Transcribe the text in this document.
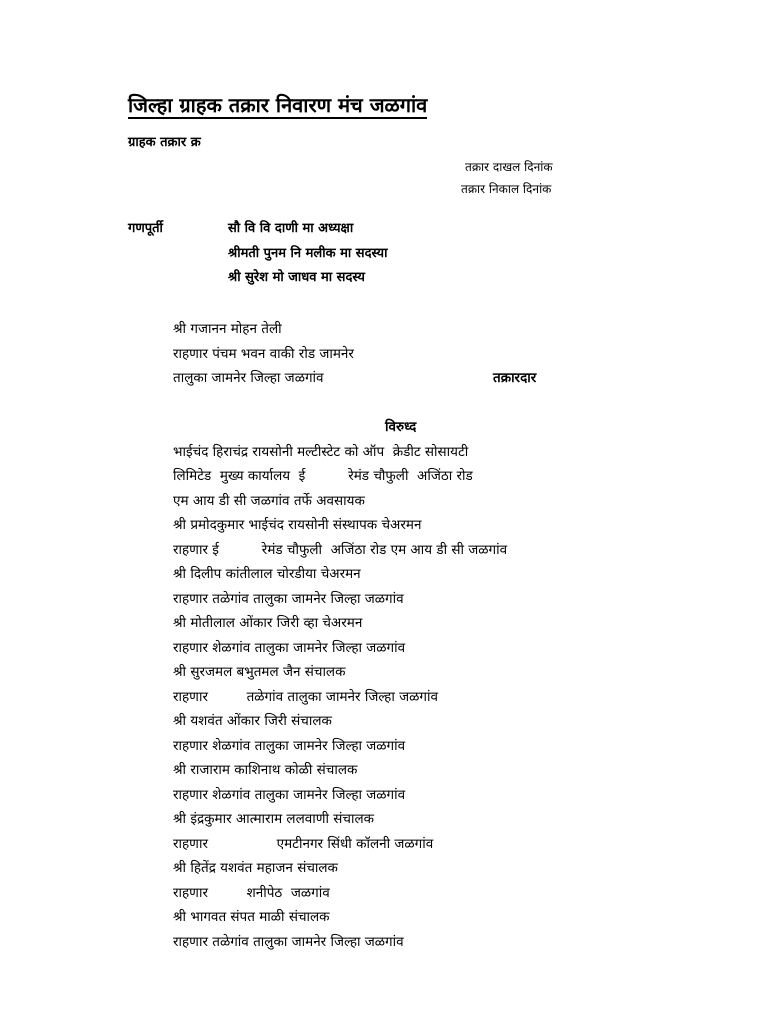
जिल्हा ग्राहक तक्रार निवारण मंच जळगांव
ग्राहक तक्रार क्र
तक्रार दाखल दिनांक
तक्रार निकाल दिनांक
गणपूर्ती	सौ वि वि दाणी मा अध्यक्षा
श्रीमती पुनम नि मलीक मा सदस्या
श्री सुरेश मो जाधव मा सदस्य
श्री गजानन मोहन तेली
राहणार पंचम भवन वाकी रोड जामनेर
तालुका जामनेर जिल्हा जळगांव	तक्रारदार
विरुध्द
भाईचंद हिराचंद्र रायसोनी मल्टीस्टेट को ऑप  क्रेडीट सोसायटी
लिमिटेड  मुख्य कार्यालय  ई          रेमंड चौफुली  अजिंठा रोड
एम आय डी सी जळगांव तर्फे अवसायक
श्री प्रमोदकुमार भाईचंद रायसोनी संस्थापक चेअरमन
राहणार ई          रेमंड चौफुली  अजिंठा रोड एम आय डी सी जळगांव
श्री दिलीप कांतीलाल चोरडीया चेअरमन
राहणार तळेगांव तालुका जामनेर जिल्हा जळगांव
श्री मोतीलाल ओंकार जिरी व्हा चेअरमन
राहणार शेळगांव तालुका जामनेर जिल्हा जळगांव
श्री सुरजमल बभुतमल जैन संचालक
राहणार         तळेगांव तालुका जामनेर जिल्हा जळगांव
श्री यशवंत ओंकार जिरी संचालक
राहणार शेळगांव तालुका जामनेर जिल्हा जळगांव
श्री राजाराम काशिनाथ कोळी संचालक
राहणार शेळगांव तालुका जामनेर जिल्हा जळगांव
श्री इंद्रकुमार आत्माराम ललवाणी संचालक
राहणार                एमटीनगर सिंधी कॉलनी जळगांव
श्री हितेंद्र यशवंत महाजन संचालक
राहणार         शनीपेठ  जळगांव
श्री भागवत संपत माळी संचालक
राहणार तळेगांव तालुका जामनेर जिल्हा जळगांव
